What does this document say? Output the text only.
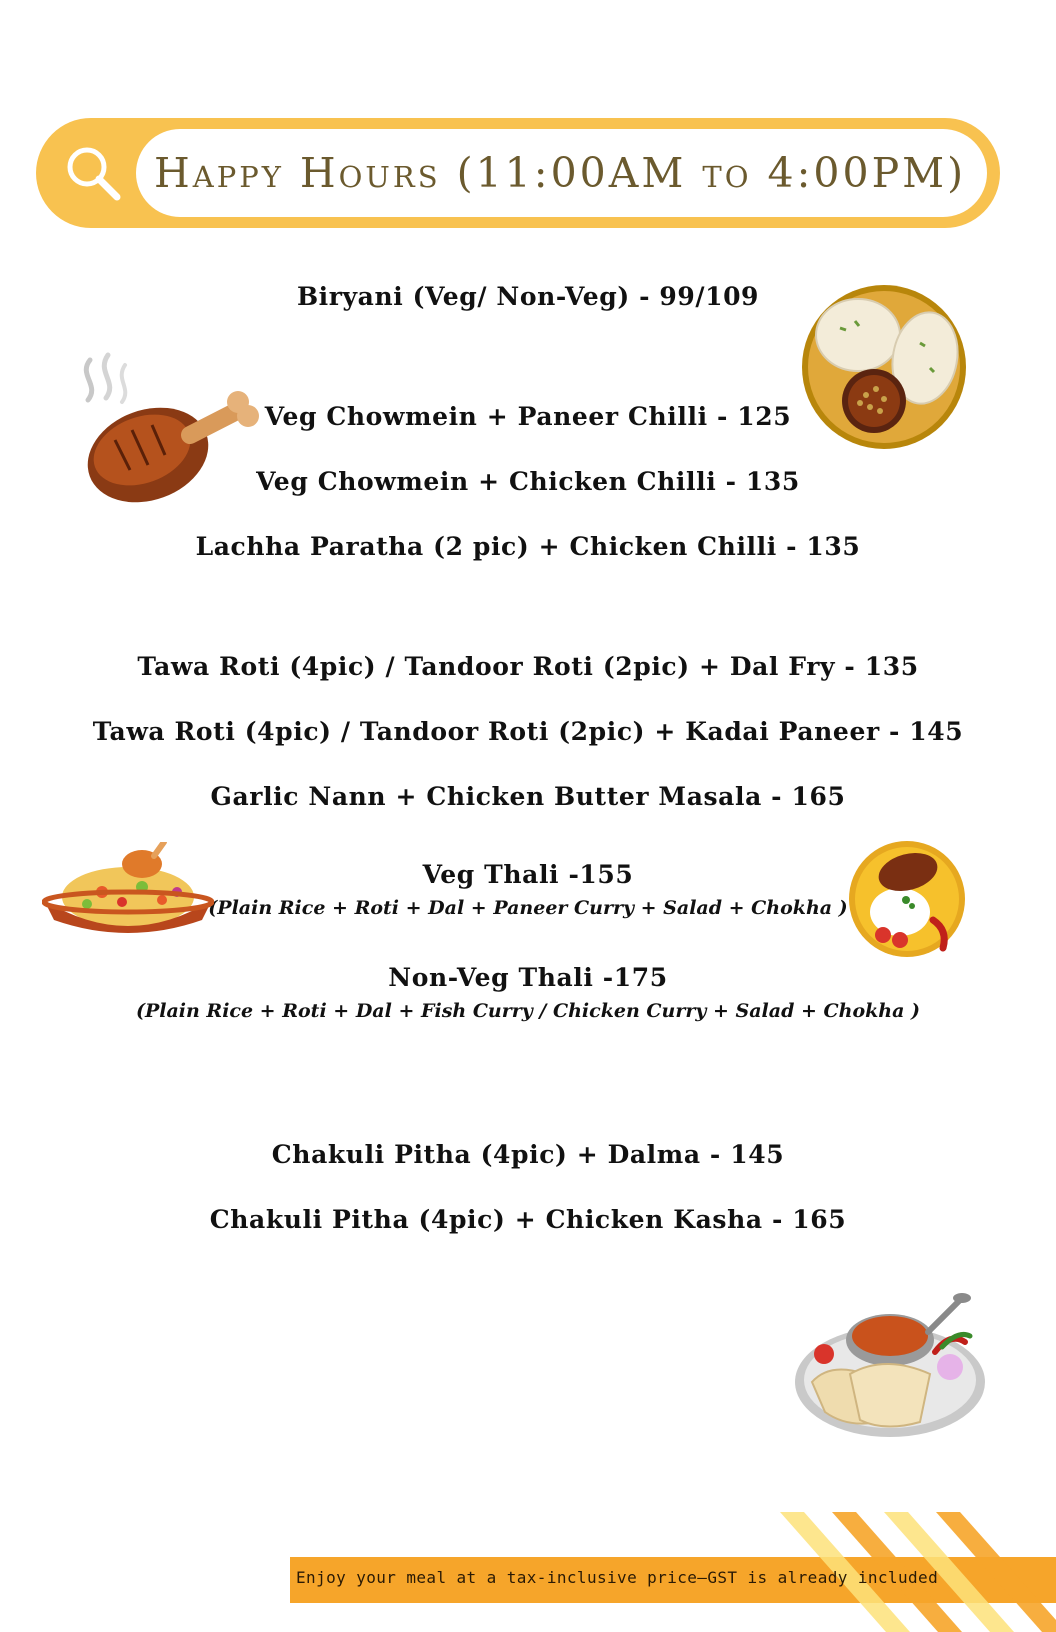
Happy Hours (11:00AM to 4:00PM)
Biryani (Veg/ Non-Veg) - 99/109
Veg Chowmein + Paneer Chilli - 125
Veg Chowmein + Chicken Chilli - 135
Lachha Paratha (2 pic) + Chicken Chilli - 135
Tawa Roti (4pic) / Tandoor Roti (2pic) + Dal Fry - 135
Tawa Roti (4pic) / Tandoor Roti (2pic) + Kadai Paneer - 145
Garlic Nann + Chicken Butter Masala - 165
Veg Thali -155
(Plain Rice + Roti + Dal + Paneer Curry + Salad + Chokha )
Non-Veg Thali -175
(Plain Rice + Roti + Dal + Fish Curry / Chicken Curry + Salad + Chokha )
Chakuli Pitha (4pic) + Dalma - 145
Chakuli Pitha (4pic) + Chicken Kasha - 165
Enjoy your meal at a tax-inclusive price—GST is already included
